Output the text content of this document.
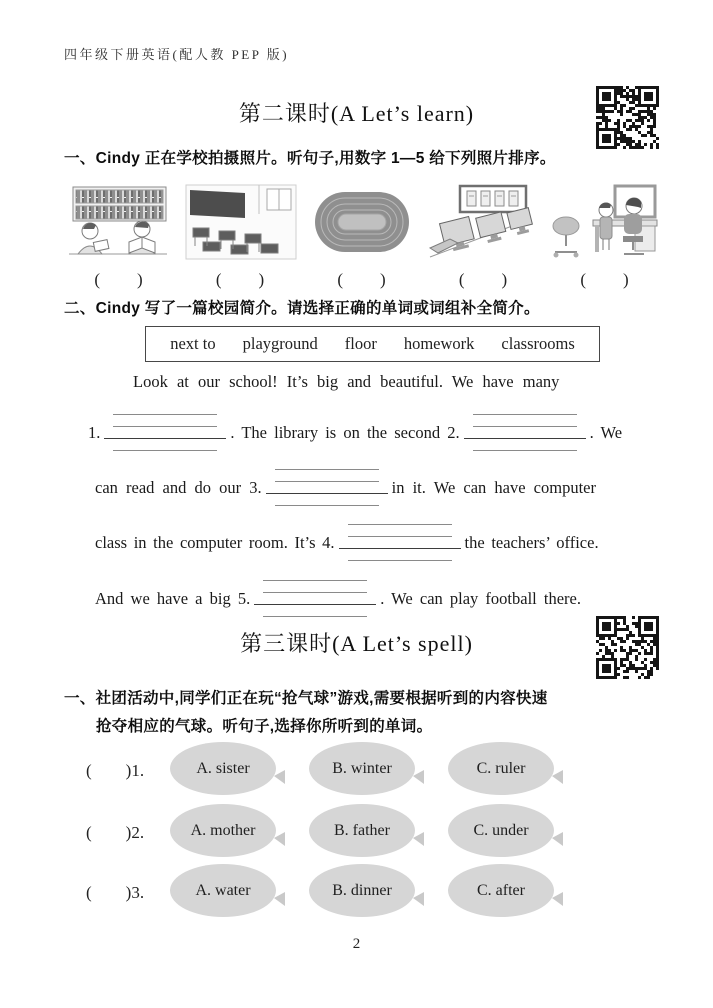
四年级下册英语(配人教 PEP 版)
第二课时(A Let’s learn)
一、Cindy 正在学校拍摄照片。听句子,用数字 1—5 给下列照片排序。
(　　)	(　　)	(　　)	(　　)	(　　)
二、Cindy 写了一篇校园简介。请选择正确的单词或词组补全简介。
next to playground floor homework classrooms
Look at our school! It’s big and beautiful. We have many
1.	. The library is on the second 2.	. We
can read and do our 3.	in it. We can have computer
class in the computer room. It’s 4.	the teachers’ office.
And we have a big 5.	. We can play football there.
第三课时(A Let’s spell)
一、社团活动中,同学们正在玩“抢气球”游戏,需要根据听到的内容快速
抢夺相应的气球。听句子,选择你所听到的单词。
(　　)1.	A. sister	B. winter	C. ruler
(　　)2.	A. mother	B. father	C. under
(　　)3.	A. water	B. dinner	C. after
2
